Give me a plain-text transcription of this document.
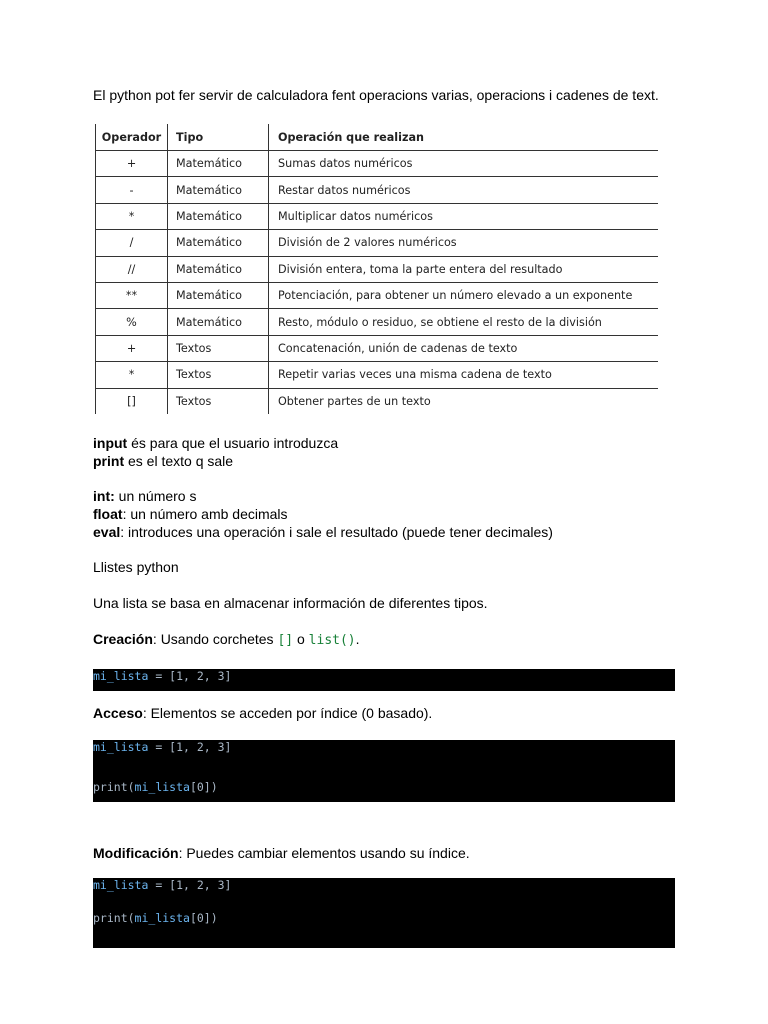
El python pot fer servir de calculadora fent operacions varias, operacions i cadenes de text.
Operador	Tipo	Operación que realizan
+	Matemático	Sumas datos numéricos
-	Matemático	Restar datos numéricos
*	Matemático	Multiplicar datos numéricos
/	Matemático	División de 2 valores numéricos
//	Matemático	División entera, toma la parte entera del resultado
**	Matemático	Potenciación, para obtener un número elevado a un exponente
%	Matemático	Resto, módulo o residuo, se obtiene el resto de la división
+	Textos	Concatenación, unión de cadenas de texto
*	Textos	Repetir varias veces una misma cadena de texto
[]	Textos	Obtener partes de un texto
input és para que el usuario introduzca
print es el texto q sale
int: un número s
float: un número amb decimals
eval: introduces una operación i sale el resultado (puede tener decimales)
Llistes python
Una lista se basa en almacenar información de diferentes tipos.
Creación: Usando corchetes [] o list().
mi_lista = [1, 2, 3]
Acceso: Elementos se acceden por índice (0 basado).
mi_lista = [1, 2, 3]
print(mi_lista[0])
Modificación: Puedes cambiar elementos usando su índice.
mi_lista = [1, 2, 3]
print(mi_lista[0])
